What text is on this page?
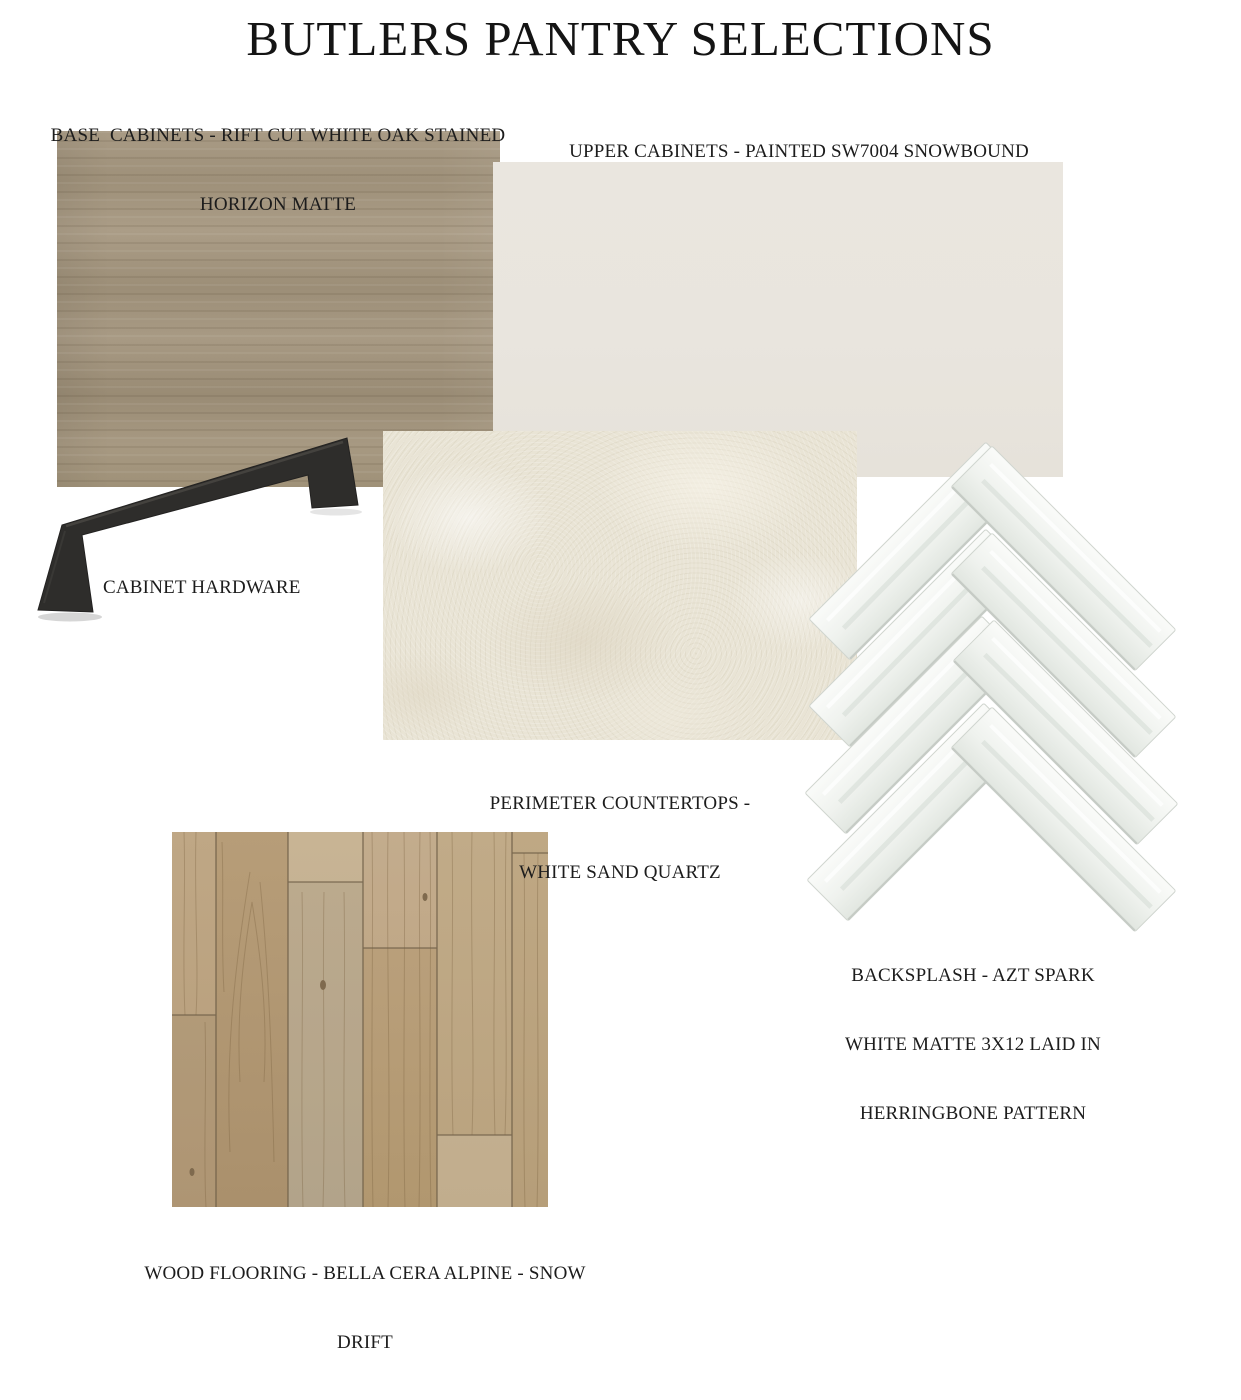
BUTLERS PANTRY SELECTIONS

BASE  CABINETS - RIFT CUT WHITE OAK STAINED

HORIZON MATTE

UPPER CABINETS - PAINTED SW7004 SNOWBOUND
CABINET HARDWARE

PERIMETER COUNTERTOPS -

WHITE SAND QUARTZ

BACKSPLASH - AZT SPARK

WHITE MATTE 3X12 LAID IN

HERRINGBONE PATTERN

WOOD FLOORING - BELLA CERA ALPINE - SNOW

DRIFT
